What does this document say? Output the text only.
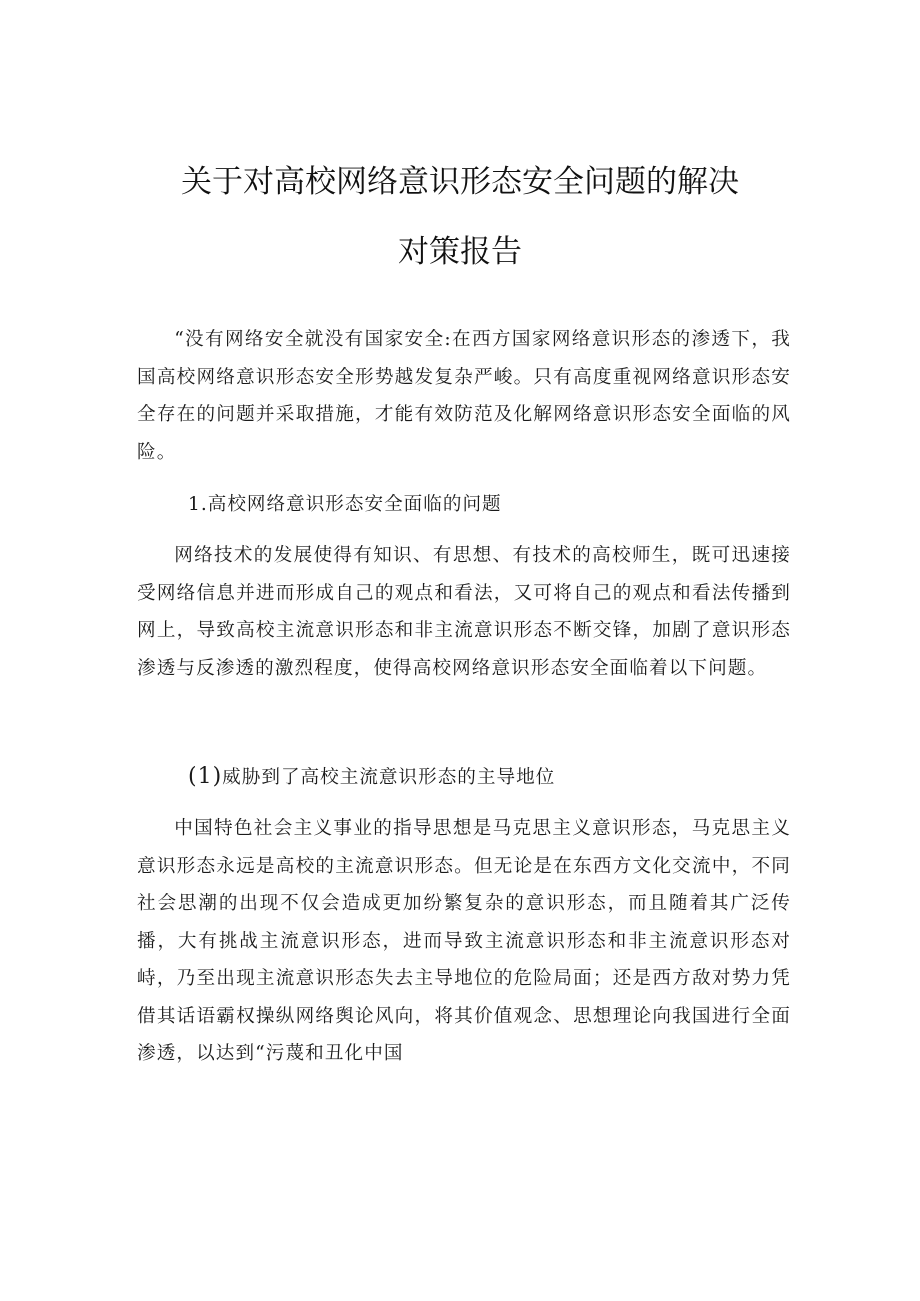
关于对高校网络意识形态安全问题的解决
对策报告

“没有网络安全就没有国家安全:在西方国家网络意识形态的渗透下，我国高校网络意识形态安全形势越发复杂严峻。只有高度重视网络意识形态安全存在的问题并采取措施，才能有效防范及化解网络意识形态安全面临的风险。

1.高校网络意识形态安全面临的问题

网络技术的发展使得有知识、有思想、有技术的高校师生，既可迅速接受网络信息并进而形成自己的观点和看法，又可将自己的观点和看法传播到网上，导致高校主流意识形态和非主流意识形态不断交锋，加剧了意识形态渗透与反渗透的激烈程度，使得高校网络意识形态安全面临着以下问题。

(1)威胁到了高校主流意识形态的主导地位

中国特色社会主义事业的指导思想是马克思主义意识形态，马克思主义意识形态永远是高校的主流意识形态。但无论是在东西方文化交流中，不同社会思潮的出现不仅会造成更加纷繁复杂的意识形态，而且随着其广泛传播，大有挑战主流意识形态，进而导致主流意识形态和非主流意识形态对峙，乃至出现主流意识形态失去主导地位的危险局面；还是西方敌对势力凭借其话语霸权操纵网络舆论风向，将其价值观念、思想理论向我国进行全面渗透，以达到“污蔑和丑化中国
